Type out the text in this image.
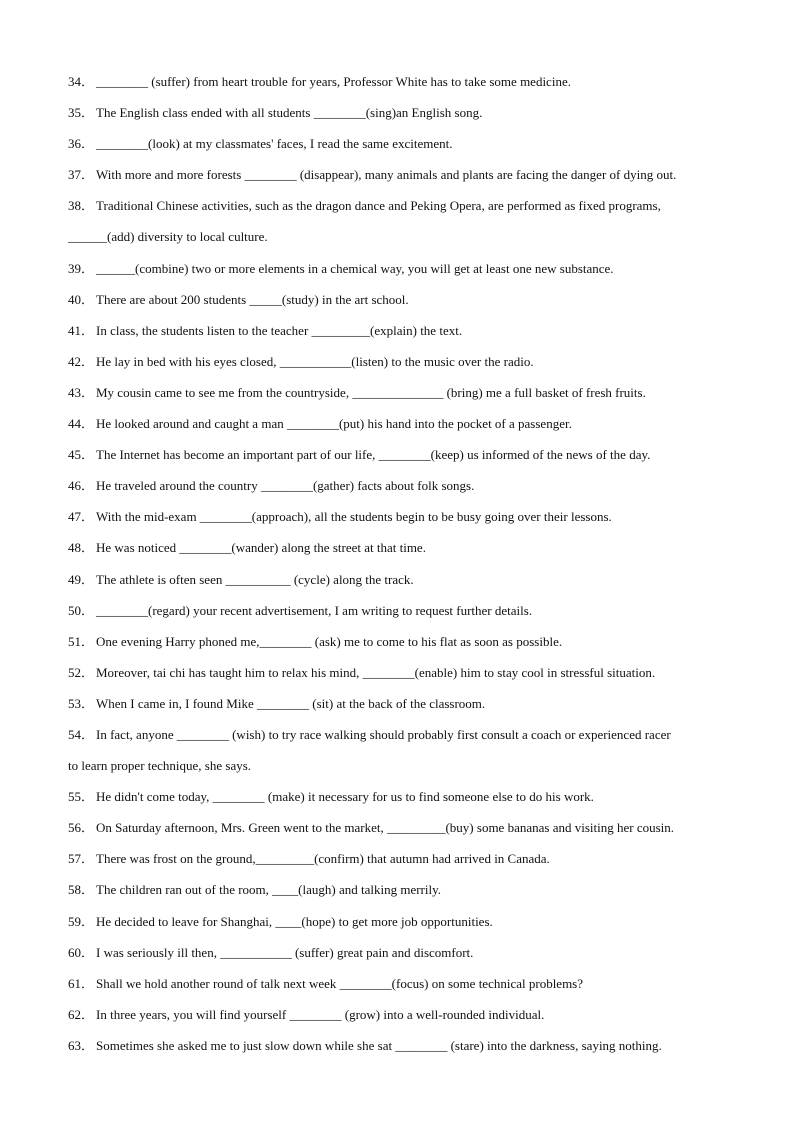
34． ________ (suffer) from heart trouble for years, Professor White has to take some medicine.
35． The English class ended with all students ________(sing)an English song.
36． ________(look) at my classmates' faces, I read the same excitement.
37． With more and more forests ________ (disappear), many animals and plants are facing the danger of dying out.
38． Traditional Chinese activities, such as the dragon dance and Peking Opera, are performed as fixed programs,
______(add) diversity to local culture.
39． ______(combine) two or more elements in a chemical way, you will get at least one new substance.
40． There are about 200 students _____(study) in the art school.
41． In class, the students listen to the teacher _________(explain) the text.
42． He lay in bed with his eyes closed, ___________(listen) to the music over the radio.
43． My cousin came to see me from the countryside, ______________ (bring) me a full basket of fresh fruits.
44． He looked around and caught a man ________(put) his hand into the pocket of a passenger.
45． The Internet has become an important part of our life, ________(keep) us informed of the news of the day.
46． He traveled around the country ________(gather) facts about folk songs.
47． With the mid-exam ________(approach), all the students begin to be busy going over their lessons.
48． He was noticed ________(wander) along the street at that time.
49． The athlete is often seen __________ (cycle) along the track.
50． ________(regard) your recent advertisement, I am writing to request further details.
51． One evening Harry phoned me,________ (ask) me to come to his flat as soon as possible.
52． Moreover, tai chi has taught him to relax his mind, ________(enable) him to stay cool in stressful situation.
53． When I came in, I found Mike ________ (sit) at the back of the classroom.
54． In fact, anyone ________ (wish) to try race walking should probably first consult a coach or experienced racer
to learn proper technique, she says.
55． He didn't come today, ________ (make) it necessary for us to find someone else to do his work.
56． On Saturday afternoon, Mrs. Green went to the market, _________(buy) some bananas and visiting her cousin.
57． There was frost on the ground,_________(confirm) that autumn had arrived in Canada.
58． The children ran out of the room, ____(laugh) and talking merrily.
59． He decided to leave for Shanghai, ____(hope) to get more job opportunities.
60． I was seriously ill then, ___________ (suffer) great pain and discomfort.
61． Shall we hold another round of talk next week ________(focus) on some technical problems?
62． In three years, you will find yourself ________ (grow) into a well-rounded individual.
63． Sometimes she asked me to just slow down while she sat ________ (stare) into the darkness, saying nothing.
